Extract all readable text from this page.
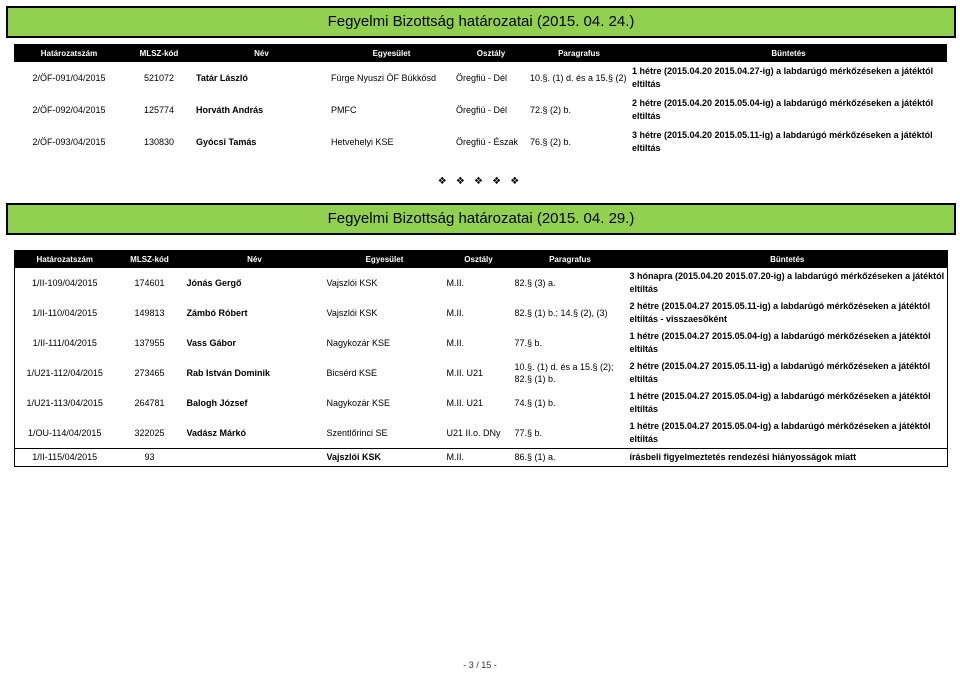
Fegyelmi Bizottság határozatai (2015. 04. 24.)
Határozatszám	MLSZ-kód	Név	Egyesület	Osztály	Paragrafus	Büntetés
2/ÖF-091/04/2015	521072	Tatár László	Fürge Nyuszi ÖF Bükkösd	Öregfiú - Dél	10.§. (1) d. és a 15.§ (2)	1 hétre (2015.04.20 2015.04.27-ig) a labdarúgó mérkőzéseken a játéktól eltiltás
2/ÖF-092/04/2015	125774	Horváth András	PMFC	Öregfiú - Dél	72.§ (2) b.	2 hétre (2015.04.20 2015.05.04-ig) a labdarúgó mérkőzéseken a játéktól eltiltás
2/ÖF-093/04/2015	130830	Gyócsi Tamás	Hetvehelyi KSE	Öregfiú - Észak	76.§ (2) b.	3 hétre (2015.04.20 2015.05.11-ig) a labdarúgó mérkőzéseken a játéktól eltiltás
❖ ❖ ❖ ❖ ❖
Fegyelmi Bizottság határozatai (2015. 04. 29.)
Határozatszám	MLSZ-kód	Név	Egyesület	Osztály	Paragrafus	Büntetés
1/II-109/04/2015	174601	Jónás Gergő	Vajszlói KSK	M.II.	82.§ (3) a.	3 hónapra (2015.04.20 2015.07.20-ig) a labdarúgó mérkőzéseken a játéktól eltiltás
1/II-110/04/2015	149813	Zámbó Róbert	Vajszlói KSK	M.II.	82.§ (1) b.; 14.§ (2), (3)	2 hétre (2015.04.27 2015.05.11-ig) a labdarúgó mérkőzéseken a játéktól eltiltás - visszaesőként
1/II-111/04/2015	137955	Vass Gábor	Nagykozár KSE	M.II.	77.§ b.	1 hétre (2015.04.27 2015.05.04-ig) a labdarúgó mérkőzéseken a játéktól eltiltás
1/U21-112/04/2015	273465	Rab István Dominik	Bicsérd KSE	M.II. U21	10.§. (1) d. és a 15.§ (2); 82.§ (1) b.	2 hétre (2015.04.27 2015.05.11-ig) a labdarúgó mérkőzéseken a játéktól eltiltás
1/U21-113/04/2015	264781	Balogh József	Nagykozár KSE	M.II. U21	74.§ (1) b.	1 hétre (2015.04.27 2015.05.04-ig) a labdarúgó mérkőzéseken a játéktól eltiltás
1/OU-114/04/2015	322025	Vadász Márkó	Szentlőrinci SE	U21 II.o. DNy	77.§ b.	1 hétre (2015.04.27 2015.05.04-ig) a labdarúgó mérkőzéseken a játéktól eltiltás
1/II-115/04/2015	93		Vajszlói KSK	M.II.	86.§ (1) a.	írásbeli figyelmeztetés rendezési hiányosságok miatt
- 3 / 15 -
